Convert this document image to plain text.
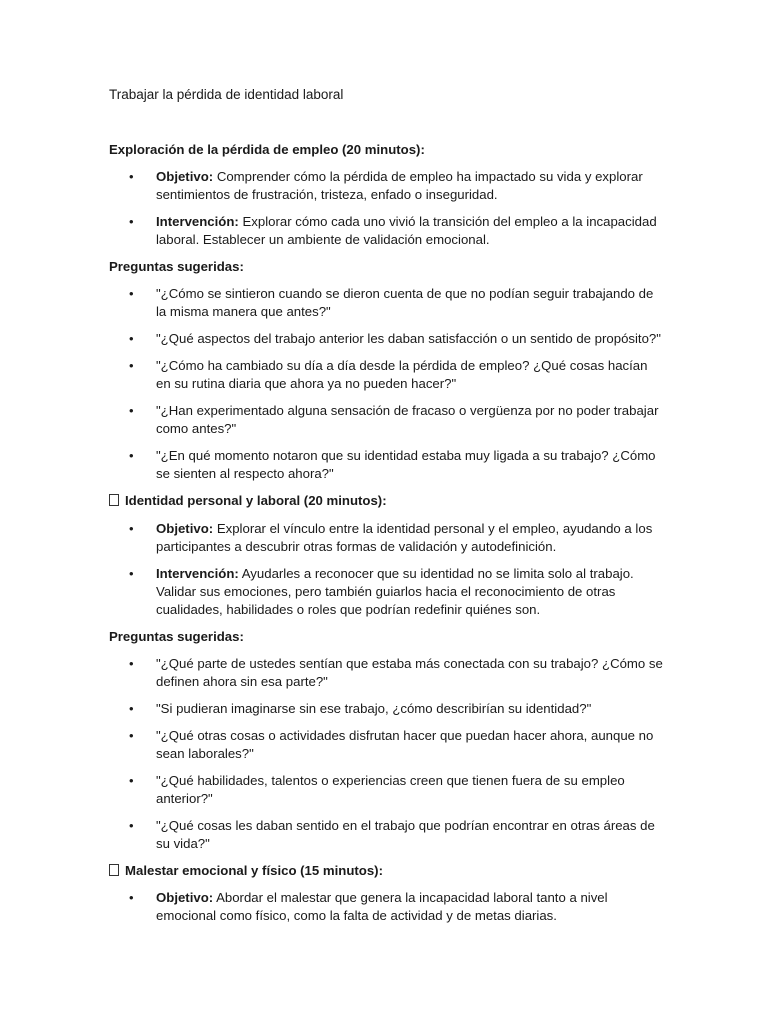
Trabajar la pérdida de identidad laboral
Exploración de la pérdida de empleo (20 minutos):
• Objetivo: Comprender cómo la pérdida de empleo ha impactado su vida y explorar sentimientos de frustración, tristeza, enfado o inseguridad.
• Intervención: Explorar cómo cada uno vivió la transición del empleo a la incapacidad laboral. Establecer un ambiente de validación emocional.
Preguntas sugeridas:
• "¿Cómo se sintieron cuando se dieron cuenta de que no podían seguir trabajando de la misma manera que antes?"
• "¿Qué aspectos del trabajo anterior les daban satisfacción o un sentido de propósito?"
• "¿Cómo ha cambiado su día a día desde la pérdida de empleo? ¿Qué cosas hacían en su rutina diaria que ahora ya no pueden hacer?"
• "¿Han experimentado alguna sensación de fracaso o vergüenza por no poder trabajar como antes?"
• "¿En qué momento notaron que su identidad estaba muy ligada a su trabajo? ¿Cómo se sienten al respecto ahora?"
Identidad personal y laboral (20 minutos):
• Objetivo: Explorar el vínculo entre la identidad personal y el empleo, ayudando a los participantes a descubrir otras formas de validación y autodefinición.
• Intervención: Ayudarles a reconocer que su identidad no se limita solo al trabajo. Validar sus emociones, pero también guiarlos hacia el reconocimiento de otras cualidades, habilidades o roles que podrían redefinir quiénes son.
Preguntas sugeridas:
• "¿Qué parte de ustedes sentían que estaba más conectada con su trabajo? ¿Cómo se definen ahora sin esa parte?"
• "Si pudieran imaginarse sin ese trabajo, ¿cómo describirían su identidad?"
• "¿Qué otras cosas o actividades disfrutan hacer que puedan hacer ahora, aunque no sean laborales?"
• "¿Qué habilidades, talentos o experiencias creen que tienen fuera de su empleo anterior?"
• "¿Qué cosas les daban sentido en el trabajo que podrían encontrar en otras áreas de su vida?"
Malestar emocional y físico (15 minutos):
• Objetivo: Abordar el malestar que genera la incapacidad laboral tanto a nivel emocional como físico, como la falta de actividad y de metas diarias.
